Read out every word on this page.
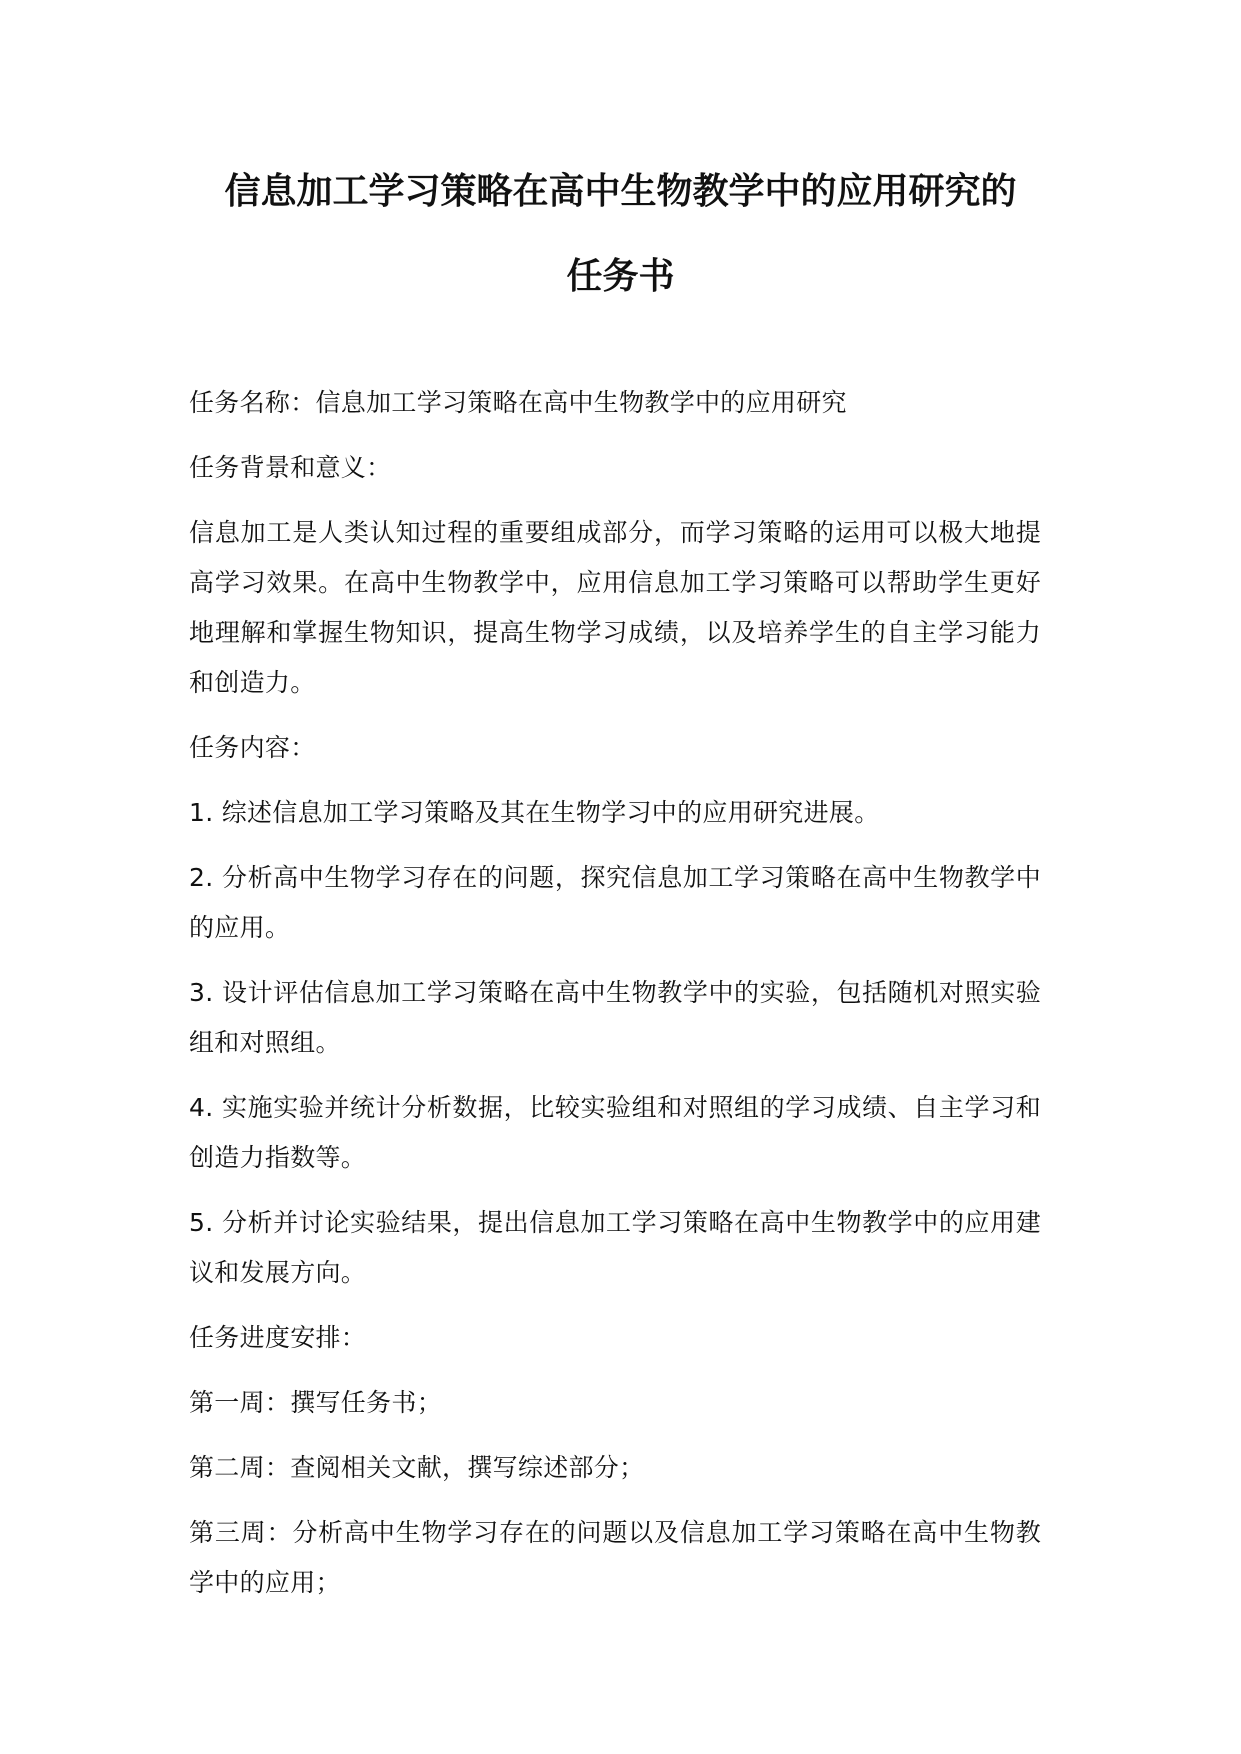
信息加工学习策略在高中生物教学中的应用研究的

任务书

任务名称：信息加工学习策略在高中生物教学中的应用研究

任务背景和意义：

信息加工是人类认知过程的重要组成部分，而学习策略的运用可以极大地提高学习效果。在高中生物教学中，应用信息加工学习策略可以帮助学生更好地理解和掌握生物知识，提高生物学习成绩，以及培养学生的自主学习能力和创造力。

任务内容：

1. 综述信息加工学习策略及其在生物学习中的应用研究进展。

2. 分析高中生物学习存在的问题，探究信息加工学习策略在高中生物教学中的应用。

3. 设计评估信息加工学习策略在高中生物教学中的实验，包括随机对照实验组和对照组。

4. 实施实验并统计分析数据，比较实验组和对照组的学习成绩、自主学习和创造力指数等。

5. 分析并讨论实验结果，提出信息加工学习策略在高中生物教学中的应用建议和发展方向。

任务进度安排：

第一周：撰写任务书；

第二周：查阅相关文献，撰写综述部分；

第三周：分析高中生物学习存在的问题以及信息加工学习策略在高中生物教学中的应用；
